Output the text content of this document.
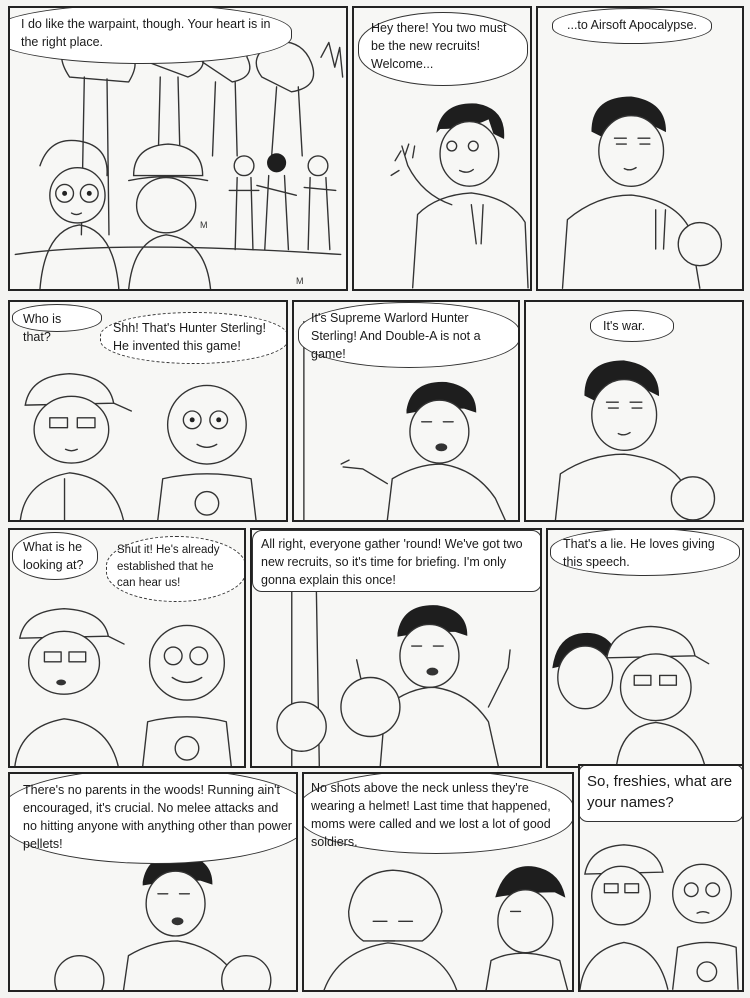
I do like the warpaint, though. Your heart is in the right place.
Hey there! You two must be the new recruits! Welcome...
...to Airsoft Apocalypse.
Who is that?
Shh! That's Hunter Sterling! He invented this game!
It's Supreme Warlord Hunter Sterling! And Double-A is not a game!
It's war.
What is he looking at?
Shut it! He's already established that he can hear us!
All right, everyone gather 'round! We've got two new recruits, so it's time for briefing. I'm only gonna explain this once!
That's a lie. He loves giving this speech.
There's no parents in the woods! Running ain't encouraged, it's crucial. No melee attacks and no hitting anyone with anything other than power pellets!
No shots above the neck unless they're wearing a helmet! Last time that happened, moms were called and we lost a lot of good soldiers.
So, freshies, what are your names?
M
M
